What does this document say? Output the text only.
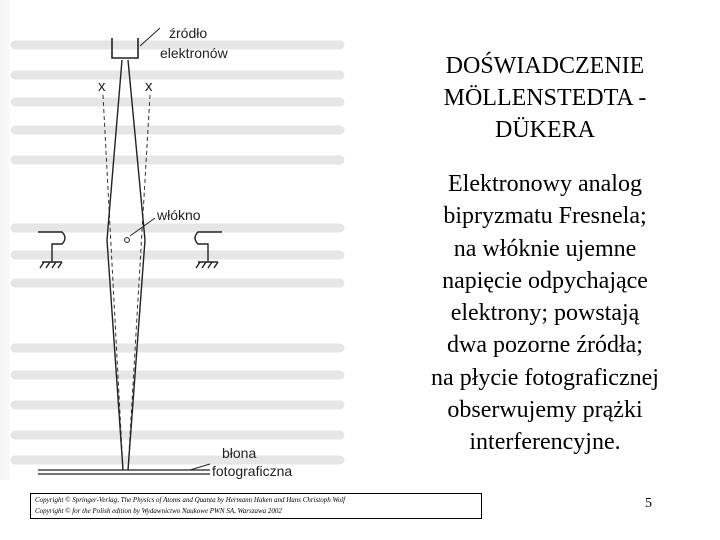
źródło
elektronów
x	x
włókno
błona
fotograficzna
DOŚWIADCZENIE
MÖLLENSTEDTA -
DÜKERA
Elektronowy analog
bipryzmatu Fresnela;
na włóknie ujemne
napięcie odpychające
elektrony; powstają
dwa pozorne źródła;
na płycie fotograficznej
obserwujemy prążki
interferencyjne.
Copyright © Springer-Verlag, The Physics of Atoms and Quanta by Hermann Haken and Hans Christoph Wolf
Copyright © for the Polish edition by Wydawnictwo Naukowe PWN SA, Warszawa 2002	5
